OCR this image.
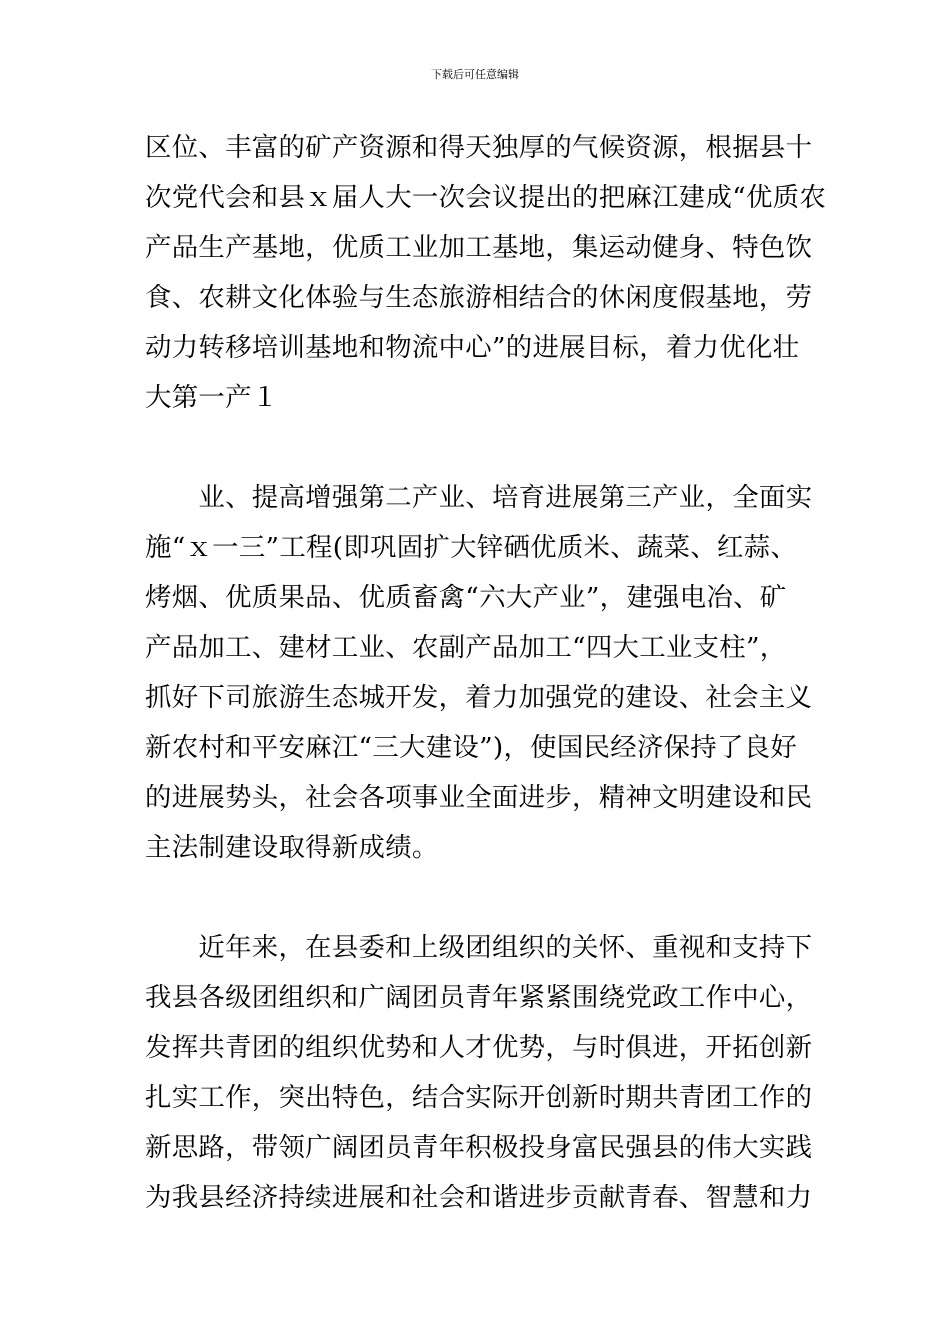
下载后可任意编辑
区位、丰富的矿产资源和得天独厚的气候资源，根据县十
次党代会和县ｘ届人大一次会议提出的把麻江建成“优质农
产品生产基地，优质工业加工基地，集运动健身、特色饮
食、农耕文化体验与生态旅游相结合的休闲度假基地，劳
动力转移培训基地和物流中心”的进展目标，着力优化壮
大第一产１
　　业、提高增强第二产业、培育进展第三产业，全面实
施“ｘ一三”工程(即巩固扩大锌硒优质米、蔬菜、红蒜、
烤烟、优质果品、优质畜禽“六大产业”，建强电冶、矿
产品加工、建材工业、农副产品加工“四大工业支柱”，
抓好下司旅游生态城开发，着力加强党的建设、社会主义
新农村和平安麻江“三大建设”)，使国民经济保持了良好
的进展势头，社会各项事业全面进步，精神文明建设和民
主法制建设取得新成绩。
　　近年来，在县委和上级团组织的关怀、重视和支持下
我县各级团组织和广阔团员青年紧紧围绕党政工作中心，
发挥共青团的组织优势和人才优势，与时俱进，开拓创新
扎实工作，突出特色，结合实际开创新时期共青团工作的
新思路，带领广阔团员青年积极投身富民强县的伟大实践
为我县经济持续进展和社会和谐进步贡献青春、智慧和力
